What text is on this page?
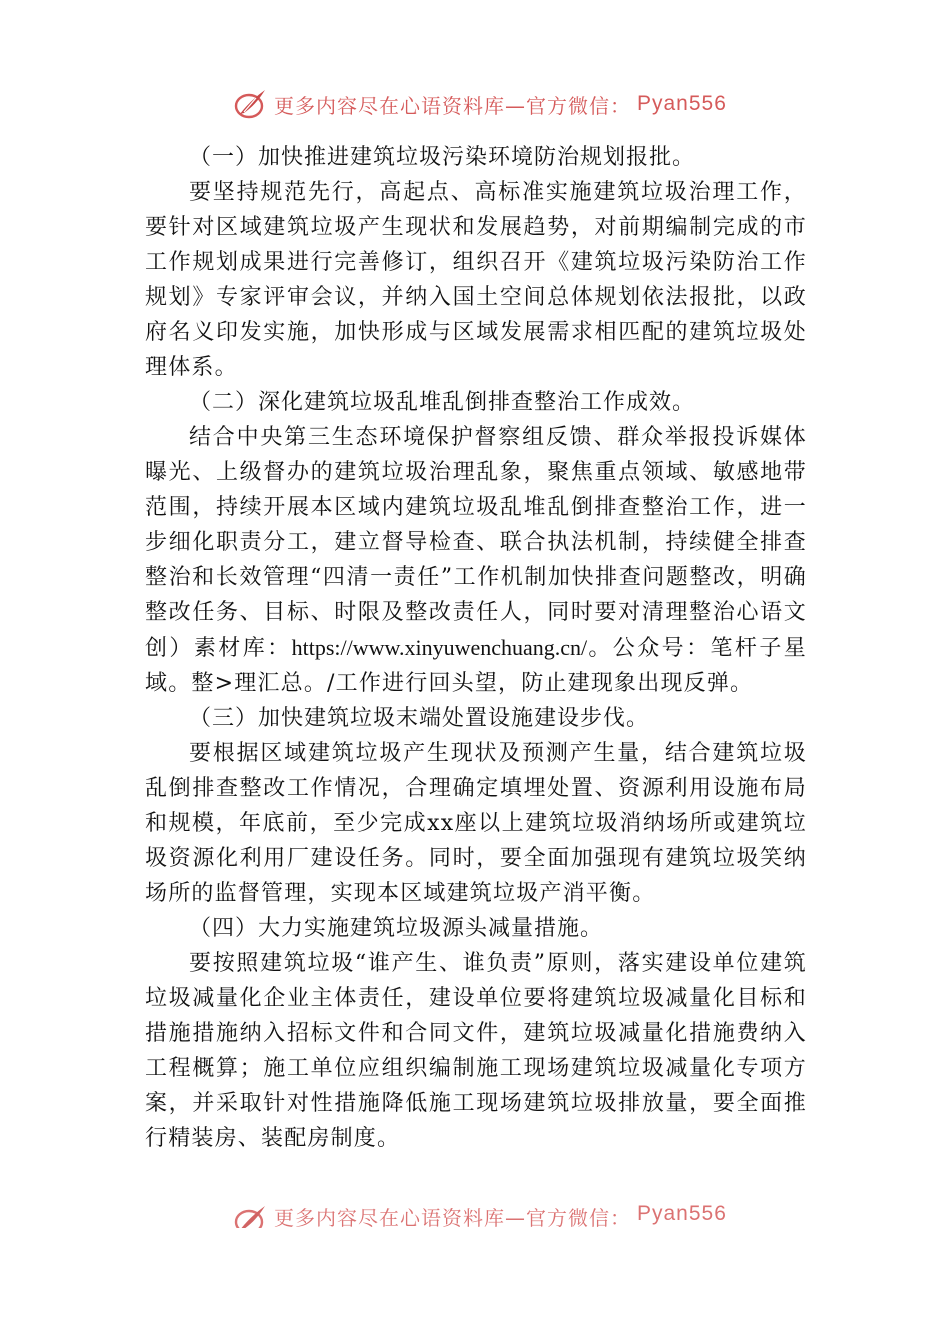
更多内容尽在心语资料库—官方微信： Pyan556

（一）加快推进建筑垃圾污染环境防治规划报批。

要坚持规范先行，高起点、高标准实施建筑垃圾治理工作，要针对区域建筑垃圾产生现状和发展趋势，对前期编制完成的市工作规划成果进行完善修订，组织召开《建筑垃圾污染防治工作规划》专家评审会议，并纳入国土空间总体规划依法报批，以政府名义印发实施，加快形成与区域发展需求相匹配的建筑垃圾处理体系。

（二）深化建筑垃圾乱堆乱倒排查整治工作成效。

结合中央第三生态环境保护督察组反馈、群众举报投诉媒体曝光、上级督办的建筑垃圾治理乱象，聚焦重点领域、敏感地带范围，持续开展本区域内建筑垃圾乱堆乱倒排查整治工作，进一步细化职责分工，建立督导检查、联合执法机制，持续健全排查整治和长效管理“四清一责任”工作机制加快排查问题整改，明确整改任务、目标、时限及整改责任人，同时要对清理整治心语文创）素材库：https://www.xinyuwenchuang.cn/。公众号：笔杆子星域。整>理汇总。/工作进行回头望，防止建现象出现反弹。

（三）加快建筑垃圾末端处置设施建设步伐。

要根据区域建筑垃圾产生现状及预测产生量，结合建筑垃圾乱倒排查整改工作情况，合理确定填埋处置、资源利用设施布局和规模，年底前，至少完成xx座以上建筑垃圾消纳场所或建筑垃圾资源化利用厂建设任务。同时，要全面加强现有建筑垃圾笑纳场所的监督管理，实现本区域建筑垃圾产消平衡。

（四）大力实施建筑垃圾源头减量措施。

要按照建筑垃圾“谁产生、谁负责”原则，落实建设单位建筑垃圾减量化企业主体责任，建设单位要将建筑垃圾减量化目标和措施措施纳入招标文件和合同文件，建筑垃圾减量化措施费纳入工程概算；施工单位应组织编制施工现场建筑垃圾减量化专项方案，并采取针对性措施降低施工现场建筑垃圾排放量，要全面推行精装房、装配房制度。

更多内容尽在心语资料库—官方微信： Pyan556
